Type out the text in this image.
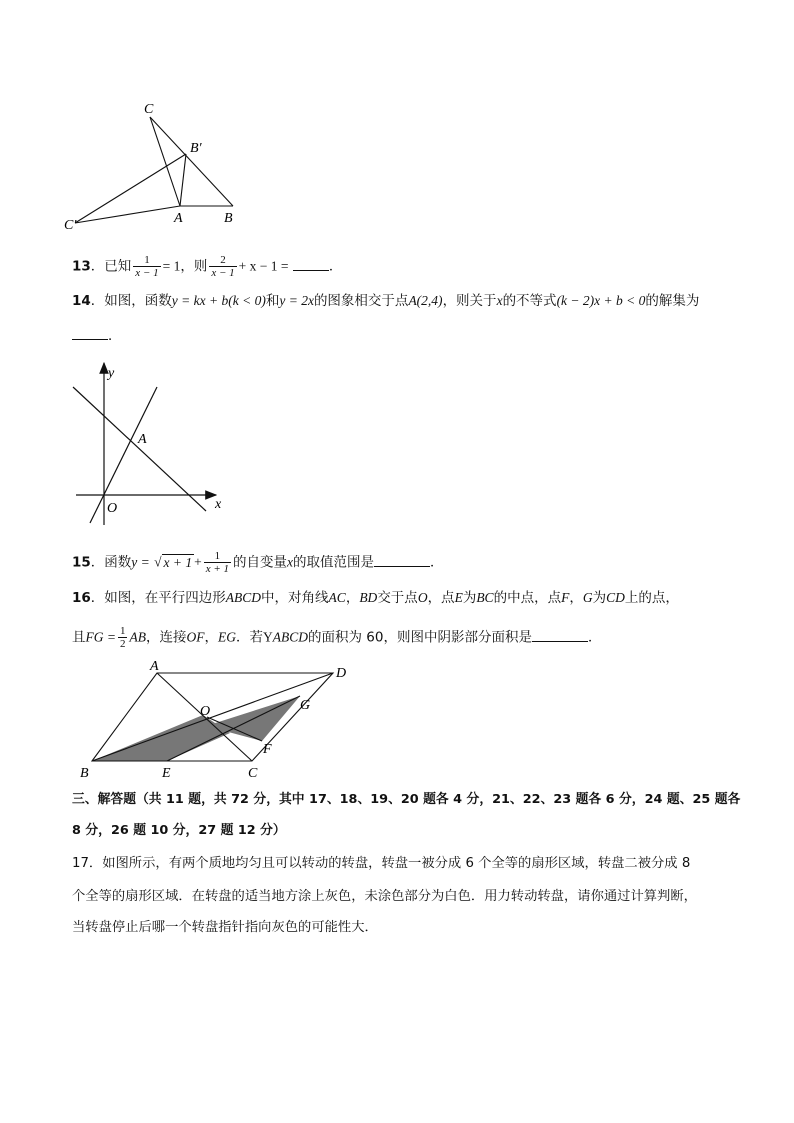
C
B′
C′	A	B
13．已知 $\frac{1}{x - 1} = 1$，则 $\frac{2}{x - 1} + x - 1$ =	．
14．如图，函数y = kx + b(k < 0)和y = 2x的图象相交于点A(2,4)，则关于x的不等式(k − 2)x + b < 0的解集为
．
y
x
A
O
15．函数y = √ $x + 1 + \frac{1}{x + 1}$ 的自变量x的取值范围是	．
16．如图，在平行四边形ABCD中，对角线AC，BD交于点O，点E为BC的中点，点F，G为CD上的点，
且FG = $\frac{1}{2}$ AB，连接OF，EG．若YABCD的面积为 60，则图中阴影部分面积是	．
A	D
O	G
F
B	E	C
三、解答题（共 11 题，共 72 分，其中 17、18、19、20 题各 4 分，21、22、23 题各 6 分，24 题、25 题各
8 分，26 题 10 分，27 题 12 分）
17．如图所示，有两个质地均匀且可以转动的转盘，转盘一被分成 6 个全等的扇形区域，转盘二被分成 8
个全等的扇形区域．在转盘的适当地方涂上灰色，未涂色部分为白色．用力转动转盘，请你通过计算判断，
当转盘停止后哪一个转盘指针指向灰色的可能性大．
